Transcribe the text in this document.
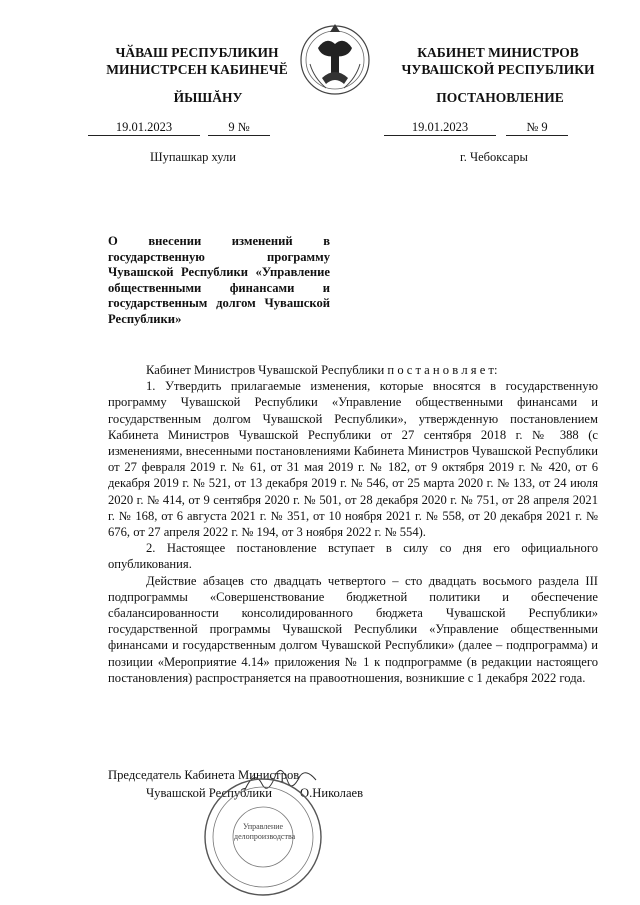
ЧӐВАШ РЕСПУБЛИКИН
МИНИСТРСЕН КАБИНЕЧӖ
ЙЫШĂНУ
КАБИНЕТ МИНИСТРОВ
ЧУВАШСКОЙ РЕСПУБЛИКИ
ПОСТАНОВЛЕНИЕ
19.01.2023	9 №	19.01.2023	№ 9
Шупашкар хули	г. Чебоксары
О внесении изменений в государственную программу Чувашской Республики «Управление общественными финансами и государственным долгом Чувашской Республики»

Кабинет Министров Чувашской Республики п о с т а н о в л я е т:

1. Утвердить прилагаемые изменения, которые вносятся в государственную программу Чувашской Республики «Управление общественными финансами и государственным долгом Чувашской Республики», утвержденную постановлением Кабинета Министров Чувашской Республики от 27 сентября 2018 г. № 388 (с изменениями, внесенными постановлениями Кабинета Министров Чувашской Республики от 27 февраля 2019 г. № 61, от 31 мая 2019 г. № 182, от 9 октября 2019 г. № 420, от 6 декабря 2019 г. № 521, от 13 декабря 2019 г. № 546, от 25 марта 2020 г. № 133, от 24 июля 2020 г. № 414, от 9 сентября 2020 г. № 501, от 28 декабря 2020 г. № 751, от 28 апреля 2021 г. № 168, от 6 августа 2021 г. № 351, от 10 ноября 2021 г. № 558, от 20 декабря 2021 г. № 676, от 27 апреля 2022 г. № 194, от 3 ноября 2022 г. № 554).

2. Настоящее постановление вступает в силу со дня его официального опубликования.

Действие абзацев сто двадцать четвертого – сто двадцать восьмого раздела III подпрограммы «Совершенствование бюджетной политики и обеспечение сбалансированности консолидированного бюджета Чувашской Республики» государственной программы Чувашской Республики «Управление общественными финансами и государственным долгом Чувашской Республики» (далее – подпрограмма) и позиции «Мероприятие 4.14» приложения № 1 к подпрограмме (в редакции настоящего постановления) распространяется на правоотношения, возникшие с 1 декабря 2022 года.

Председатель Кабинета Министров
Чувашской Республики О.Николаев
Управление делопроизводства
